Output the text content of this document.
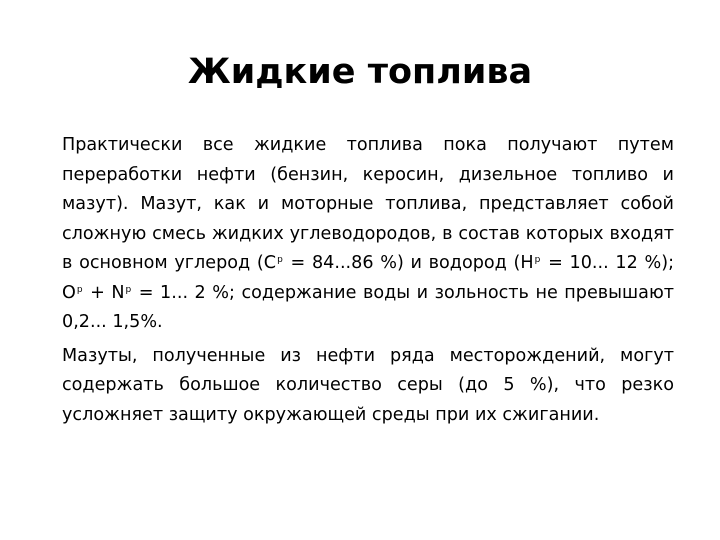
Жидкие топлива

Практически все жидкие топлива пока получают путем переработки нефти (бензин, керосин, дизельное топливо и мазут). Мазут, как и моторные топлива, представляет собой сложную смесь жидких углеводородов, в состав которых входят в основном углерод ($C^р = 84...86$ %) и водород ($H^р = 10$... 12 %); $O^р + N^р = 1$... 2 %; содержание воды и зольность не превышают 0,2... 1,5%.

Мазуты, полученные из нефти ряда месторождений, могут содержать большое количество серы (до 5 %), что резко усложняет защиту окружающей среды при их сжигании.
